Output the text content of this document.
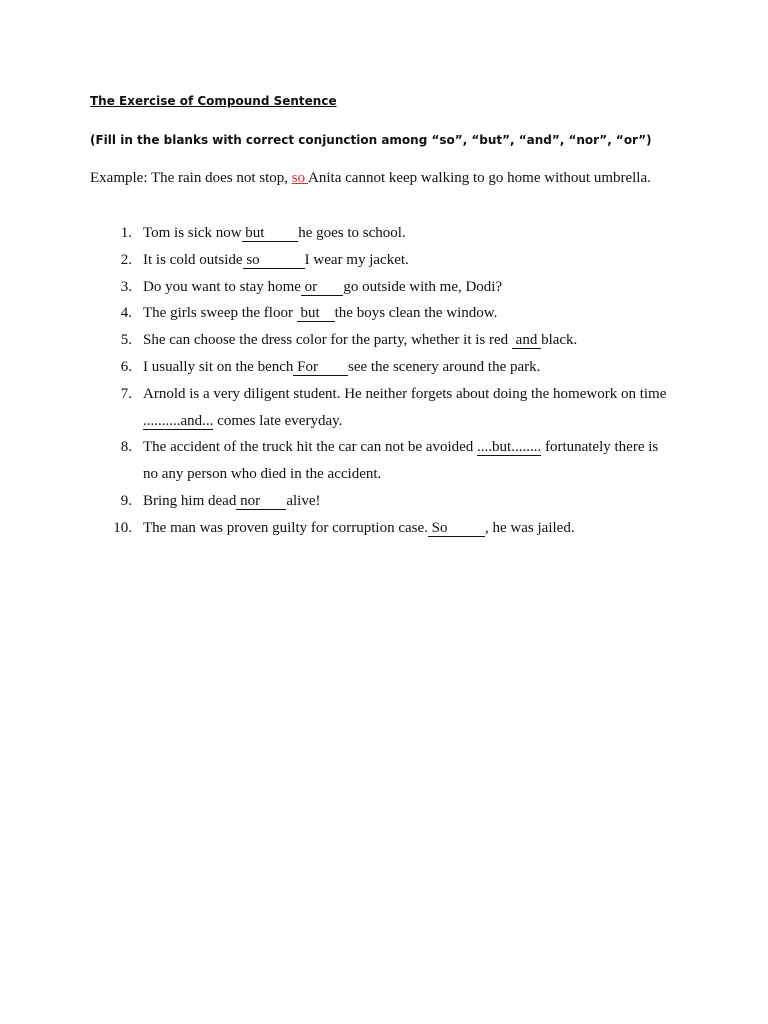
The Exercise of Compound Sentence
(Fill in the blanks with correct conjunction among “so”, “but”, “and”, “nor”, “or”)
Example: The rain does not stop, so Anita cannot keep walking to go home without umbrella.
1. Tom is sick now but         he goes to school.
2. It is cold outside so            I wear my jacket.
3. Do you want to stay home or       go outside with me, Dodi?
4. The girls sweep the floor  but    the boys clean the window.
5. She can choose the dress color for the party, whether it is red  and black.
6. I usually sit on the bench For        see the scenery around the park.
7. Arnold is a very diligent student. He neither forgets about doing the homework on time
..........and... comes late everyday.
8. The accident of the truck hit the car can not be avoided ....but........ fortunately there is
no any person who died in the accident.
9. Bring him dead nor       alive!
10. The man was proven guilty for corruption case. So          , he was jailed.
